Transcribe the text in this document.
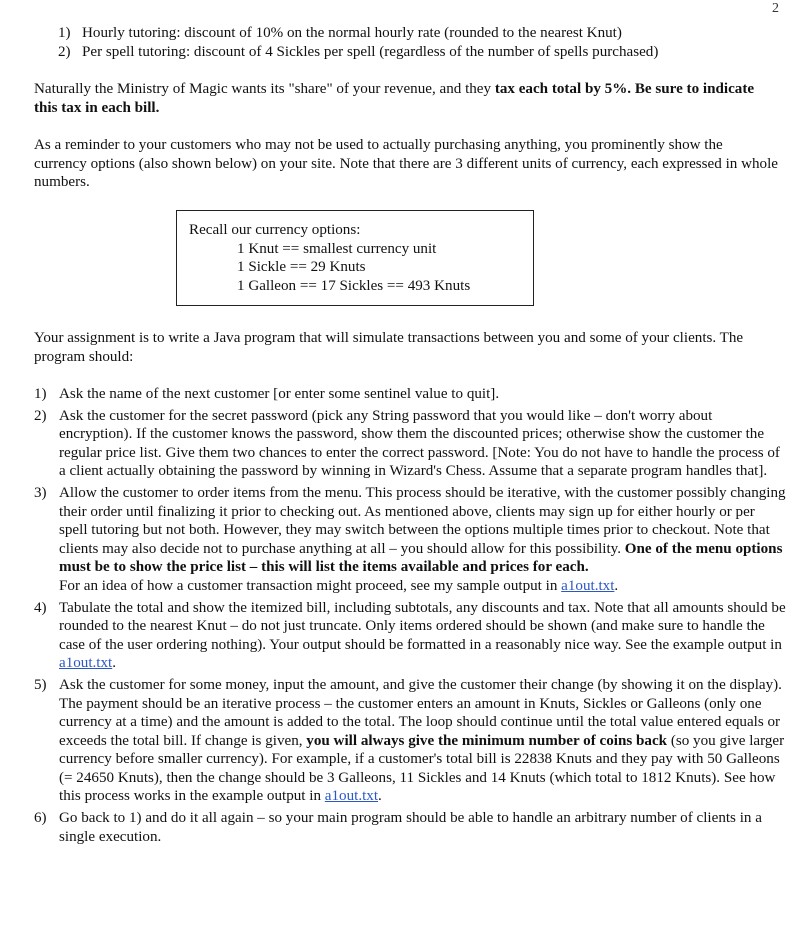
2
1) Hourly tutoring: discount of 10% on the normal hourly rate (rounded to the nearest Knut)
2) Per spell tutoring: discount of 4 Sickles per spell (regardless of the number of spells purchased)
Naturally the Ministry of Magic wants its "share" of your revenue, and they tax each total by 5%. Be sure to indicate this tax in each bill.
As a reminder to your customers who may not be used to actually purchasing anything, you prominently show the currency options (also shown below) on your site. Note that there are 3 different units of currency, each expressed in whole numbers.
Recall our currency options:
1 Knut == smallest currency unit
1 Sickle == 29 Knuts
1 Galleon == 17 Sickles == 493 Knuts
Your assignment is to write a Java program that will simulate transactions between you and some of your clients. The program should:
1) Ask the name of the next customer [or enter some sentinel value to quit].
2) Ask the customer for the secret password (pick any String password that you would like – don't worry about encryption). If the customer knows the password, show them the discounted prices; otherwise show the customer the regular price list. Give them two chances to enter the correct password. [Note: You do not have to handle the process of a client actually obtaining the password by winning in Wizard's Chess. Assume that a separate program handles that].
3) Allow the customer to order items from the menu. This process should be iterative, with the customer possibly changing their order until finalizing it prior to checking out. As mentioned above, clients may sign up for either hourly or per spell tutoring but not both. However, they may switch between the options multiple times prior to checkout. Note that clients may also decide not to purchase anything at all – you should allow for this possibility. One of the menu options must be to show the price list – this will list the items available and prices for each.
For an idea of how a customer transaction might proceed, see my sample output in a1out.txt.
4) Tabulate the total and show the itemized bill, including subtotals, any discounts and tax. Note that all amounts should be rounded to the nearest Knut – do not just truncate. Only items ordered should be shown (and make sure to handle the case of the user ordering nothing). Your output should be formatted in a reasonably nice way. See the example output in a1out.txt.
5) Ask the customer for some money, input the amount, and give the customer their change (by showing it on the display). The payment should be an iterative process – the customer enters an amount in Knuts, Sickles or Galleons (only one currency at a time) and the amount is added to the total. The loop should continue until the total value entered equals or exceeds the total bill. If change is given, you will always give the minimum number of coins back (so you give larger currency before smaller currency). For example, if a customer's total bill is 22838 Knuts and they pay with 50 Galleons (= 24650 Knuts), then the change should be 3 Galleons, 11 Sickles and 14 Knuts (which total to 1812 Knuts). See how this process works in the example output in a1out.txt.
6) Go back to 1) and do it all again – so your main program should be able to handle an arbitrary number of clients in a single execution.
